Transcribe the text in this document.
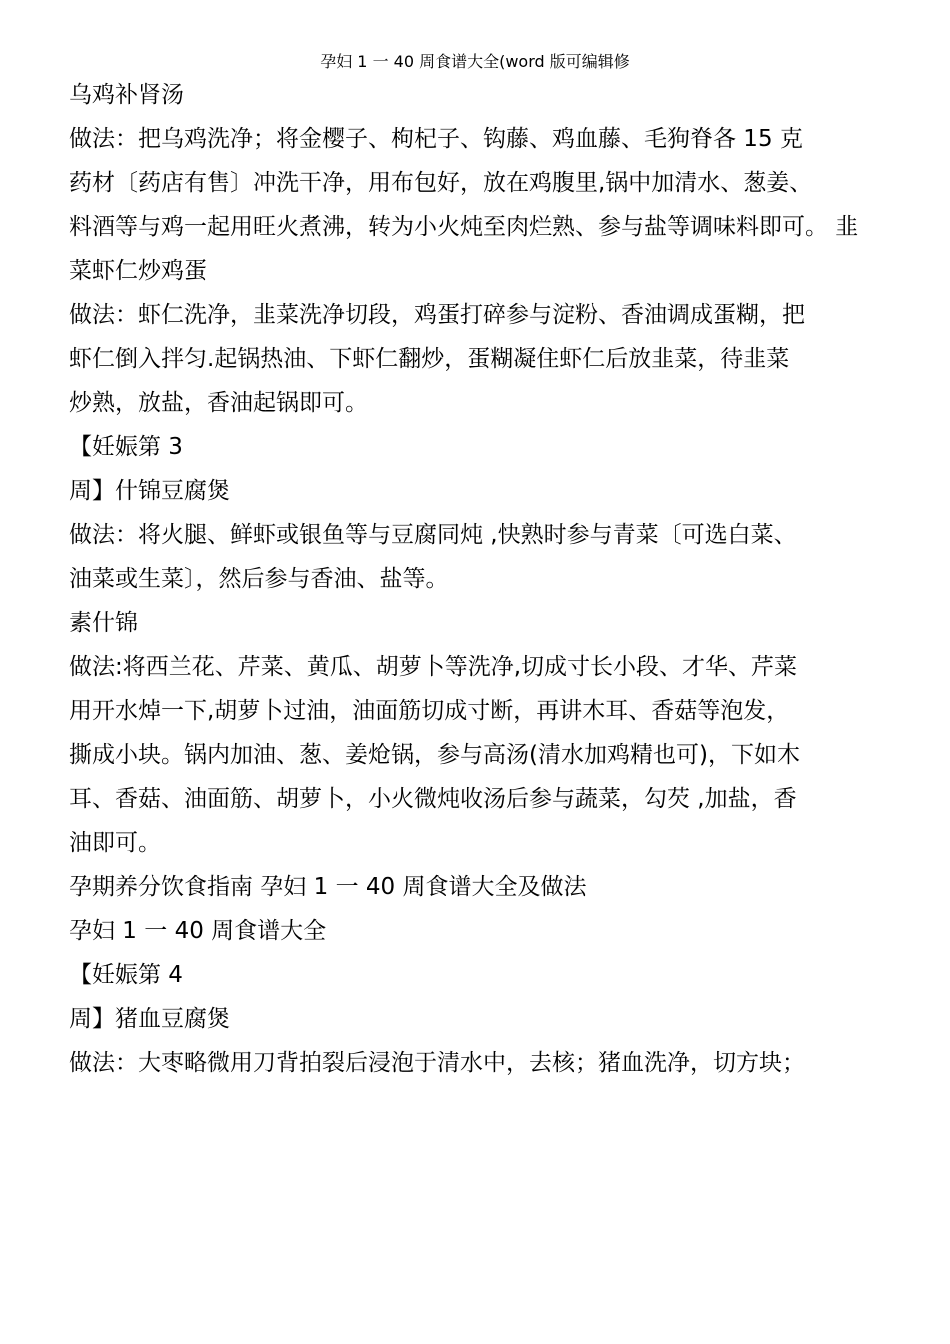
孕妇 1 一 40 周食谱大全(word 版可编辑修
乌鸡补肾汤
做法：把乌鸡洗净；将金樱子、枸杞子、钩藤、鸡血藤、毛狗脊各 15 克
药材〔药店有售〕冲洗干净，用布包好，放在鸡腹里,锅中加清水、葱姜、
料酒等与鸡一起用旺火煮沸，转为小火炖至肉烂熟、参与盐等调味料即可。 韭
菜虾仁炒鸡蛋
做法：虾仁洗净，韭菜洗净切段，鸡蛋打碎参与淀粉、香油调成蛋糊，把
虾仁倒入拌匀.起锅热油、下虾仁翻炒，蛋糊凝住虾仁后放韭菜，待韭菜
炒熟，放盐，香油起锅即可。
【妊娠第 3
周】什锦豆腐煲
做法：将火腿、鲜虾或银鱼等与豆腐同炖 ,快熟时参与青菜〔可选白菜、
油菜或生菜〕，然后参与香油、盐等。
素什锦
做法:将西兰花、芹菜、黄瓜、胡萝卜等洗净,切成寸长小段、才华、芹菜
用开水焯一下,胡萝卜过油，油面筋切成寸断，再讲木耳、香菇等泡发，
撕成小块。锅内加油、葱、姜炝锅，参与高汤(清水加鸡精也可)，下如木
耳、香菇、油面筋、胡萝卜，小火微炖收汤后参与蔬菜，勾芡 ,加盐，香
油即可。
孕期养分饮食指南 孕妇 1 一 40 周食谱大全及做法
孕妇 1 一 40 周食谱大全
【妊娠第 4
周】猪血豆腐煲
做法：大枣略微用刀背拍裂后浸泡于清水中，去核；猪血洗净，切方块；
